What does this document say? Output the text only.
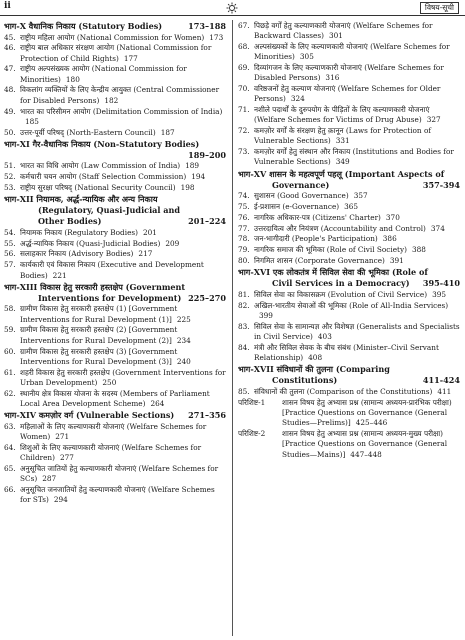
ii	विषय-सूची
173–188
भाग-X वैधानिक निकाय (Statutory Bodies)
45. राष्ट्रीय महिला आयोग (National Commission for Women) 173
46. राष्ट्रीय बाल अधिकार संरक्षण आयोग (National Commission for Protection of Child Rights) 177
47. राष्ट्रीय अल्पसंख्यक आयोग (National Commission for Minorities) 180
48. विकलांग व्यक्तियों के लिए केन्द्रीय आयुक्त (Central Commissioner for Disabled Persons) 182
49. भारत का परिसीमन आयोग (Delimitation Commission of India)185
50. उत्तर-पूर्वी परिषद् (North-Eastern Council) 187
भाग-XI गैर-वैधानिक निकाय (Non-Statutory Bodies)
189–200
51. भारत का विधि आयोग (Law Commission of India) 189
52. कर्मचारी चयन आयोग (Staff Selection Commission) 194
53. राष्ट्रीय सुरक्षा परिषद् (National Security Council) 198
भाग-XII नियामक, अर्द्ध-न्यायिक और अन्य निकाय
(Regulatory, Quasi-Judicial and
Other Bodies)	201–224
54. नियामक निकाय (Regulatory Bodies) 201
55. अर्द्ध-न्यायिक निकाय (Quasi-Judicial Bodies) 209
56. सलाहकार निकाय (Advisory Bodies) 217
57. कार्यकारी एवं विकास निकाय (Executive and Development Bodies) 221
भाग-XIII विकास हेतु सरकारी हस्तक्षेप (Government
Interventions for Development) 225–270
58. ग्रामीण विकास हेतु सरकारी हस्तक्षेप (1) [Government Interventions for Rural Development (1)] 225
59. ग्रामीण विकास हेतु सरकारी हस्तक्षेप (2) [Government Interventions for Rural Development (2)] 234
60. ग्रामीण विकास हेतु सरकारी हस्तक्षेप (3) [Government Interventions for Rural Development (3)] 240
61. शहरी विकास हेतु सरकारी हस्तक्षेप (Government Interventions for Urban Development) 250
62. स्थानीय क्षेत्र विकास योजना के सदस्य (Members of Parliament Local Area Development Scheme) 264
271–356
भाग-XIV कमज़ोर वर्ग (Vulnerable Sections)
63. महिलाओं के लिए कल्याणकारी योजनाएं (Welfare Schemes for Women) 271
64. शिशुओं के लिए कल्याणकारी योजनाएं (Welfare Schemes for Children) 277
65. अनुसूचित जातियों हेतु कल्याणकारी योजनाएं (Welfare Schemes for SCs) 287
66. अनुसूचित जनजातियों हेतु कल्याणकारी योजनाएं (Welfare Schemes for STs) 294
67. पिछड़े वर्गों हेतु कल्याणकारी योजनाएं (Welfare Schemes for Backward Classes) 301
68. अल्पसंख्यकों के लिए कल्याणकारी योजनाएं (Welfare Schemes for Minorities) 305
69. दिव्यांगजन के लिए कल्याणकारी योजनाएं (Welfare Schemes for Disabled Persons) 316
70. वरिष्ठजनों हेतु कल्याण योजनाएं (Welfare Schemes for Older Persons) 324
71. नशीले पदार्थों के दुरुपयोग के पीड़ितों के लिए कल्याणकारी योजनाएं (Welfare Schemes for Victims of Drug Abuse) 327
72. कमज़ोर वर्गों के संरक्षण हेतु क़ानून (Laws for Protection of Vulnerable Sections) 331
73. कमज़ोर वर्गों हेतु संस्थान और निकाय (Institutions and Bodies for Vulnerable Sections) 349
भाग-XV शासन के महत्वपूर्ण पहलू (Important Aspects of
Governance)	357-394
74. सुशासन (Good Governance) 357
75. ई-प्रशासन (e-Governance) 365
76. नागरिक अधिकार-पत्र (Citizens' Charter) 370
77. उत्तरदायित्व और नियंत्रण (Accountability and Control) 374
78. जन-भागीदारी (People's Participation) 386
79. नागरिक समाज की भूमिका (Role of Civil Society) 388
80. निगमित शासन (Corporate Governance) 391
भाग-XVI एक लोकतंत्र में सिविल सेवा की भूमिका (Role of
Civil Services in a Democracy) 395-410
81. सिविल सेवा का विकासक्रम (Evolution of Civil Service) 395
82. अखिल-भारतीय सेवाओं की भूमिका (Role of All-India Services)399
83. सिविल सेवा के सामान्यज्ञ और विशेषज्ञ (Generalists and Specialists in Civil Service) 403
84. मंत्री और सिविल सेवक के बीच संबंध (Minister–Civil Servant Relationship) 408
भाग-XVII संविधानों की तुलना (Comparing
Constitutions)	411-424
85. संविधानों की तुलना (Comparison of the Constitutions) 411
परिशिष्ट-1	शासन विषय हेतु अभ्यास प्रश्न (सामान्य अध्ययन-प्रारंभिक परीक्षा) [Practice Questions on Governance (General Studies—Prelims)] 425–446
परिशिष्ट-2	शासन विषय हेतु अभ्यास प्रश्न (सामान्य अध्ययन-मुख्य परीक्षा) [Practice Questions on Governance (General Studies—Mains)] 447–448
